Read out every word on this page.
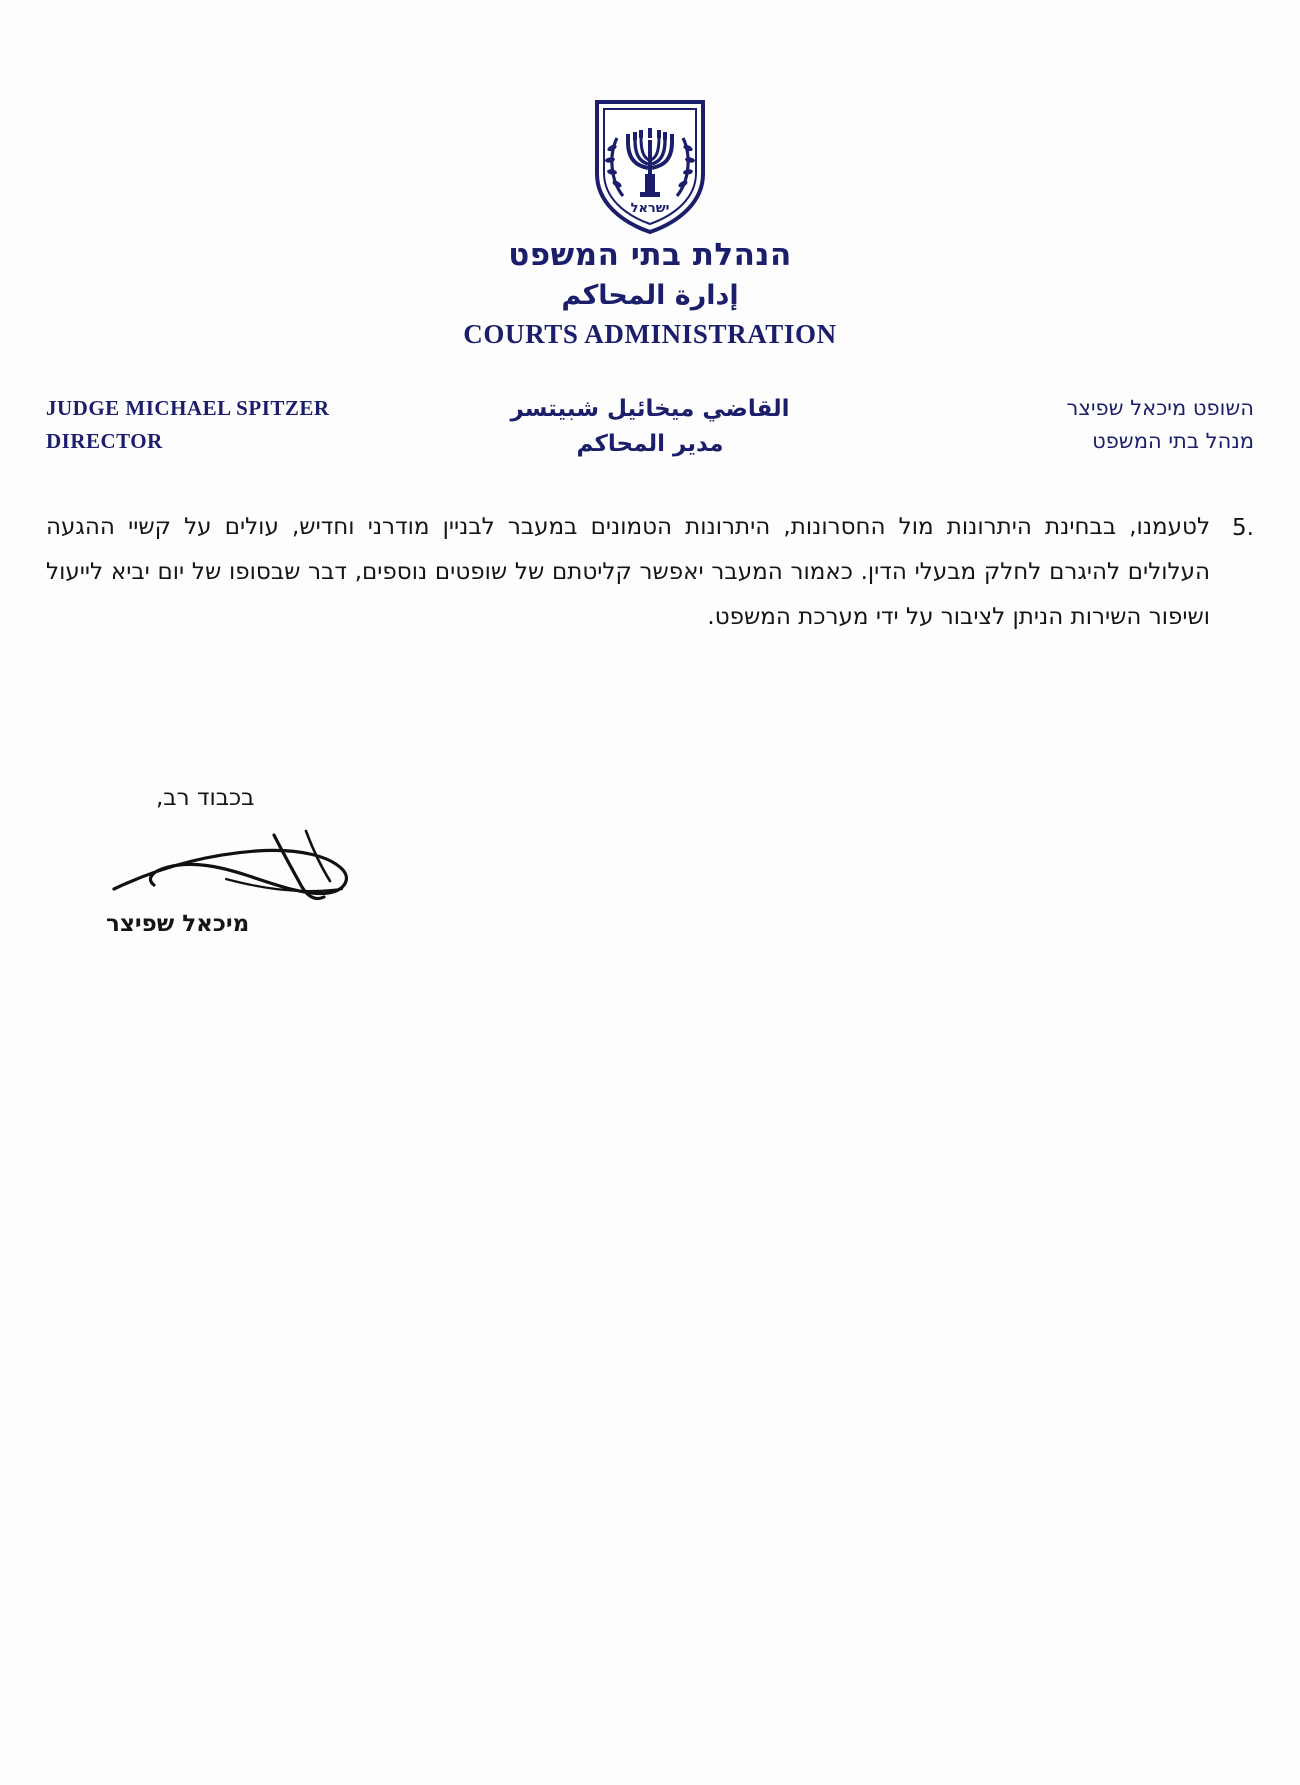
ישראל
הנהלת בתי המשפט
إدارة المحاكم
COURTS ADMINISTRATION
JUDGE MICHAEL SPITZER
DIRECTOR
القاضي ميخائيل شبيتسر
مدير المحاكم
השופט מיכאל שפיצר
מנהל בתי המשפט
5.
לטעמנו, בבחינת היתרונות מול החסרונות, היתרונות הטמונים במעבר לבניין מודרני וחדיש, עולים על קשיי ההגעה העלולים להיגרם לחלק מבעלי הדין. כאמור המעבר יאפשר קליטתם של שופטים נוספים, דבר שבסופו של יום יביא לייעול ושיפור השירות הניתן לציבור על ידי מערכת המשפט.
בכבוד רב,
מיכאל שפיצר
